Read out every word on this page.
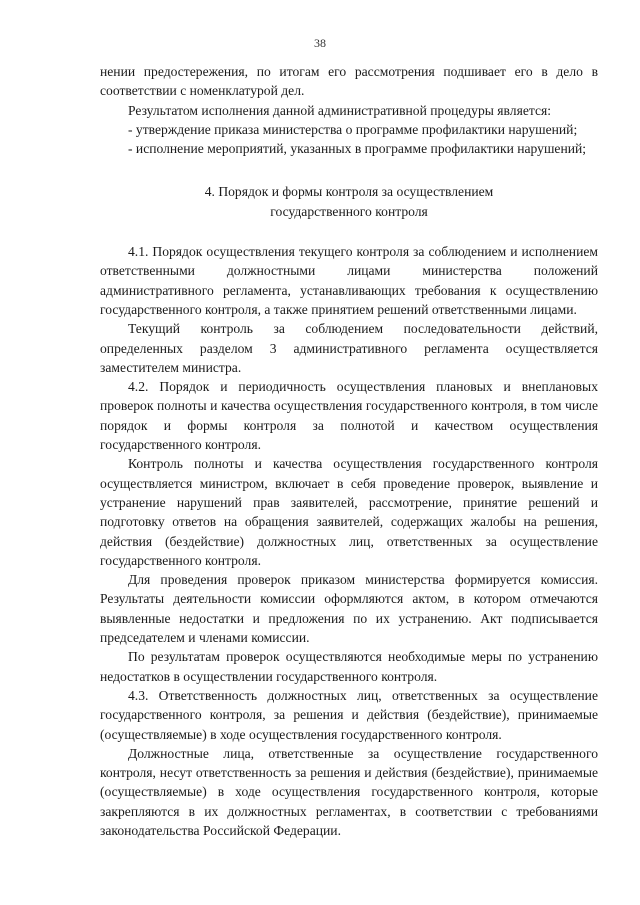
38

нении предостережения, по итогам его рассмотрения подшивает его в дело в соответствии с номенклатурой дел.

Результатом исполнения данной административной процедуры является:

- утверждение приказа министерства о программе профилактики нарушений;

- исполнение мероприятий, указанных в программе профилактики нарушений;

4. Порядок и формы контроля за осуществлением
государственного контроля

4.1. Порядок осуществления текущего контроля за соблюдением и исполнением ответственными должностными лицами министерства положений административного регламента, устанавливающих требования к осуществлению государственного контроля, а также принятием решений ответственными лицами.

Текущий контроль за соблюдением последовательности действий, определенных разделом 3 административного регламента осуществляется заместителем министра.

4.2. Порядок и периодичность осуществления плановых и внеплановых проверок полноты и качества осуществления государственного контроля, в том числе порядок и формы контроля за полнотой и качеством осуществления государственного контроля.

Контроль полноты и качества осуществления государственного контроля осуществляется министром, включает в себя проведение проверок, выявление и устранение нарушений прав заявителей, рассмотрение, принятие решений и подготовку ответов на обращения заявителей, содержащих жалобы на решения, действия (бездействие) должностных лиц, ответственных за осуществление государственного контроля.

Для проведения проверок приказом министерства формируется комиссия. Результаты деятельности комиссии оформляются актом, в котором отмечаются выявленные недостатки и предложения по их устранению. Акт подписывается председателем и членами комиссии.

По результатам проверок осуществляются необходимые меры по устранению недостатков в осуществлении государственного контроля.

4.3. Ответственность должностных лиц, ответственных за осуществление государственного контроля, за решения и действия (бездействие), принимаемые (осуществляемые) в ходе осуществления государственного контроля.

Должностные лица, ответственные за осуществление государственного контроля, несут ответственность за решения и действия (бездействие), принимаемые (осуществляемые) в ходе осуществления государственного контроля, которые закрепляются в их должностных регламентах, в соответствии с требованиями законодательства Российской Федерации.
